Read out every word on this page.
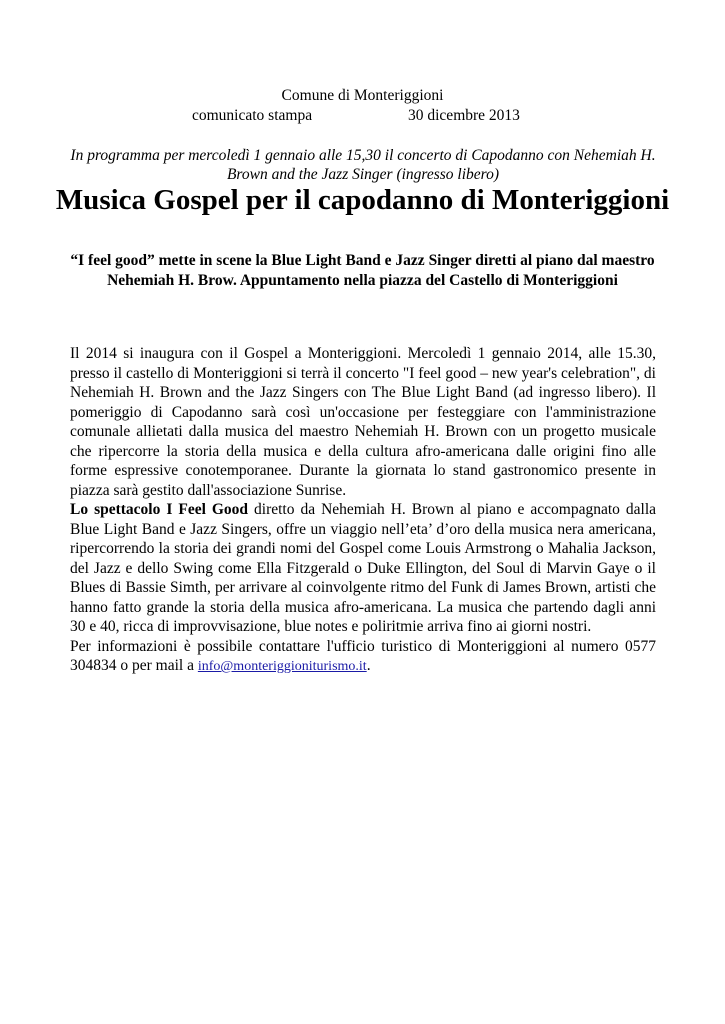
Comune di Monteriggioni
comunicato stampa	30 dicembre 2013
In programma per mercoledì 1 gennaio alle 15,30 il concerto di Capodanno con Nehemiah H. Brown and the Jazz Singer (ingresso libero)
Musica Gospel per il capodanno di Monteriggioni
“I feel good” mette in scene la Blue Light Band e Jazz Singer diretti al piano dal maestro Nehemiah H. Brow. Appuntamento nella piazza del Castello di Monteriggioni

Il 2014 si inaugura con il Gospel a Monteriggioni. Mercoledì 1 gennaio 2014, alle 15.30, presso il castello di Monteriggioni si terrà il concerto "I feel good – new year's celebration", di Nehemiah H. Brown and the Jazz Singers con The Blue Light Band (ad ingresso libero). Il pomeriggio di Capodanno sarà così un'occasione per festeggiare con l'amministrazione comunale allietati dalla musica del maestro Nehemiah H. Brown con un progetto musicale che ripercorre la storia della musica e della cultura afro-americana dalle origini fino alle forme espressive conotemporanee. Durante la giornata lo stand gastronomico presente in piazza sarà gestito dall'associazione Sunrise.

Lo spettacolo I Feel Good diretto da Nehemiah H. Brown al piano e accompagnato dalla Blue Light Band e Jazz Singers, offre un viaggio nell’eta’ d’oro della musica nera americana, ripercorrendo la storia dei grandi nomi del Gospel come Louis Armstrong o Mahalia Jackson, del Jazz e dello Swing come Ella Fitzgerald o Duke Ellington, del Soul di Marvin Gaye o il Blues di Bassie Simth, per arrivare al coinvolgente ritmo del Funk di James Brown, artisti che hanno fatto grande la storia della musica afro-americana. La musica che partendo dagli anni 30 e 40, ricca di improvvisazione, blue notes e poliritmie arriva fino ai giorni nostri.

Per informazioni è possibile contattare l'ufficio turistico di Monteriggioni al numero 0577 304834 o per mail a info@monteriggioniturismo.it.
